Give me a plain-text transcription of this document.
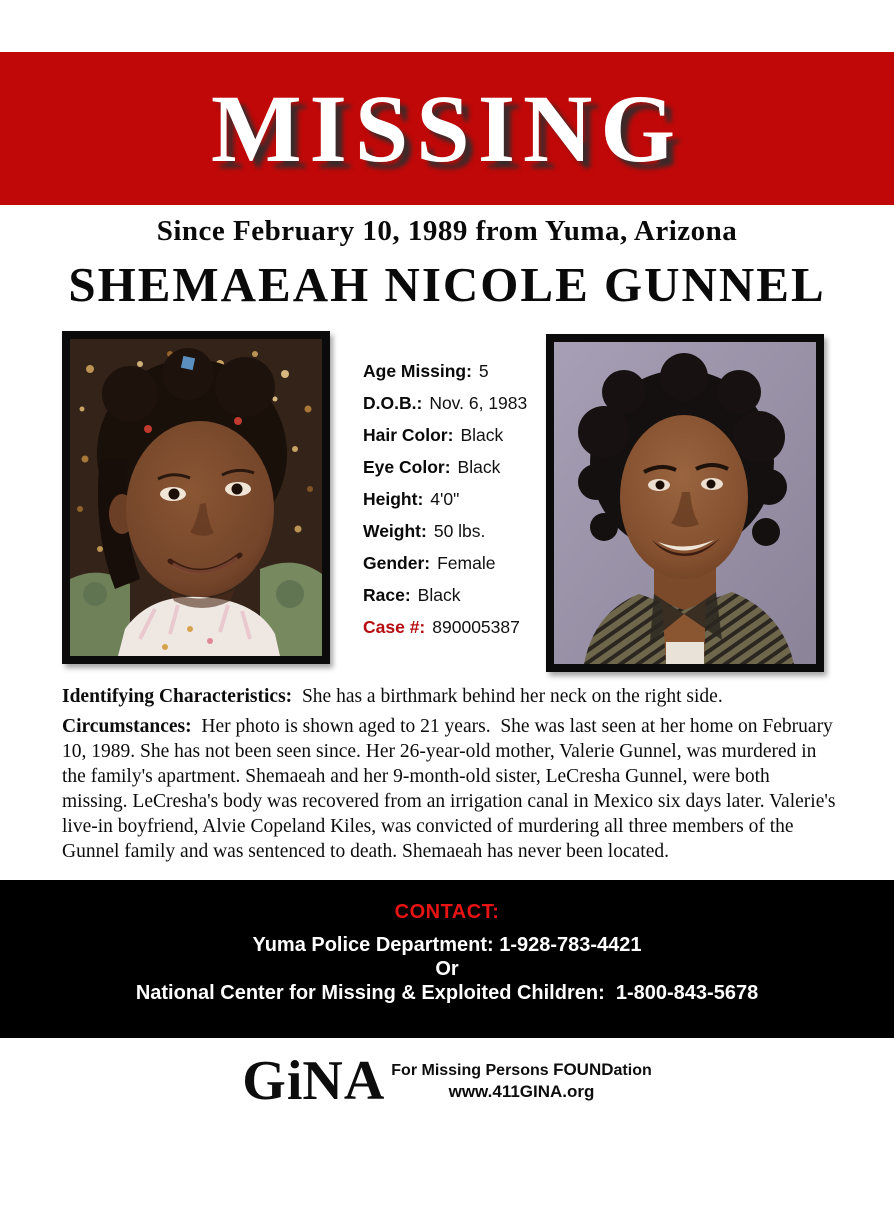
MISSING
Since February 10, 1989 from Yuma, Arizona
SHEMAEAH NICOLE GUNNEL
Age Missing: 5
D.O.B.: Nov. 6, 1983
Hair Color: Black
Eye Color: Black
Height: 4'0"
Weight: 50 lbs.
Gender: Female
Race: Black
Case #: 890005387

Identifying Characteristics:  She has a birthmark behind her neck on the right side.

Circumstances:  Her photo is shown aged to 21 years.  She was last seen at her home on February 10, 1989. She has not been seen since. Her 26-year-old mother, Valerie Gunnel, was murdered in the family's apartment. Shemaeah and her 9-month-old sister, LeCresha Gunnel, were both missing. LeCresha's body was recovered from an irrigation canal in Mexico six days later. Valerie's live-in boyfriend, Alvie Copeland Kiles, was convicted of murdering all three members of the Gunnel family and was sentenced to death. Shemaeah has never been located.

CONTACT:
Yuma Police Department: 1-928-783-4421
Or
National Center for Missing & Exploited Children:  1-800-843-5678
GiNA For Missing Persons FOUNDation
www.411GINA.org
